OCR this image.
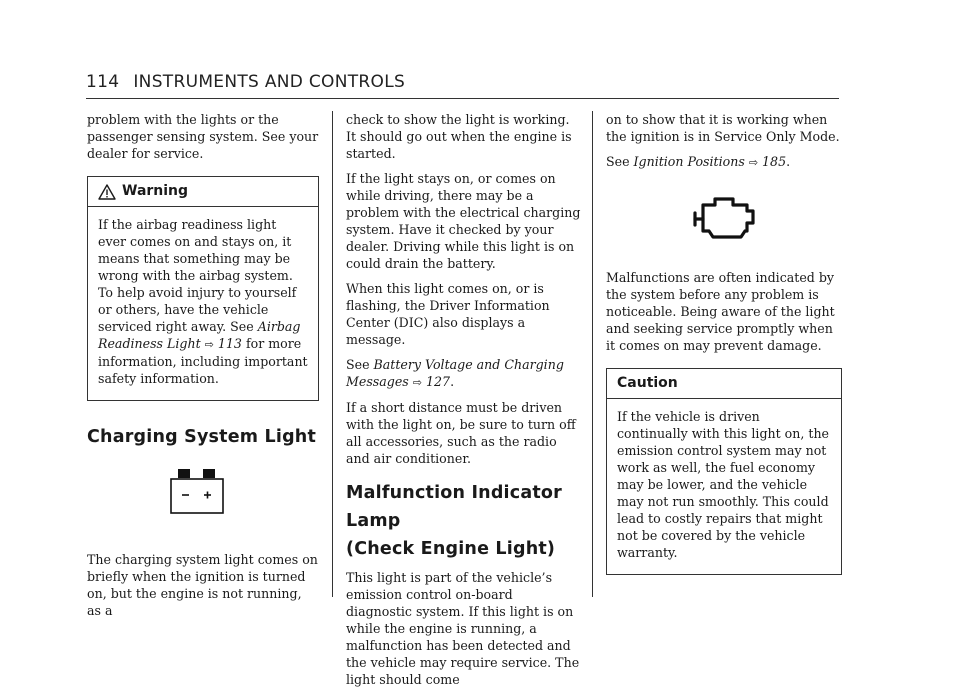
114 INSTRUMENTS AND CONTROLS

problem with the lights or the passenger sensing system. See your dealer for service.

Warning

If the airbag readiness light ever comes on and stays on, it means that something may be wrong with the airbag system. To help avoid injury to yourself or others, have the vehicle serviced right away. See Airbag Readiness Light ⇨ 113 for more information, including important safety information.

Charging System Light

The charging system light comes on briefly when the ignition is turned on, but the engine is not running, as a

check to show the light is working. It should go out when the engine is started.

If the light stays on, or comes on while driving, there may be a problem with the electrical charging system. Have it checked by your dealer. Driving while this light is on could drain the battery.

When this light comes on, or is flashing, the Driver Information Center (DIC) also displays a message.

See Battery Voltage and Charging Messages ⇨ 127.

If a short distance must be driven with the light on, be sure to turn off all accessories, such as the radio and air conditioner.

Malfunction Indicator Lamp
(Check Engine Light)

This light is part of the vehicle’s emission control on-board diagnostic system. If this light is on while the engine is running, a malfunction has been detected and the vehicle may require service. The light should come

on to show that it is working when the ignition is in Service Only Mode.

See Ignition Positions ⇨ 185.

Malfunctions are often indicated by the system before any problem is noticeable. Being aware of the light and seeking service promptly when it comes on may prevent damage.

Caution

If the vehicle is driven continually with this light on, the emission control system may not work as well, the fuel economy may be lower, and the vehicle may not run smoothly. This could lead to costly repairs that might not be covered by the vehicle warranty.
